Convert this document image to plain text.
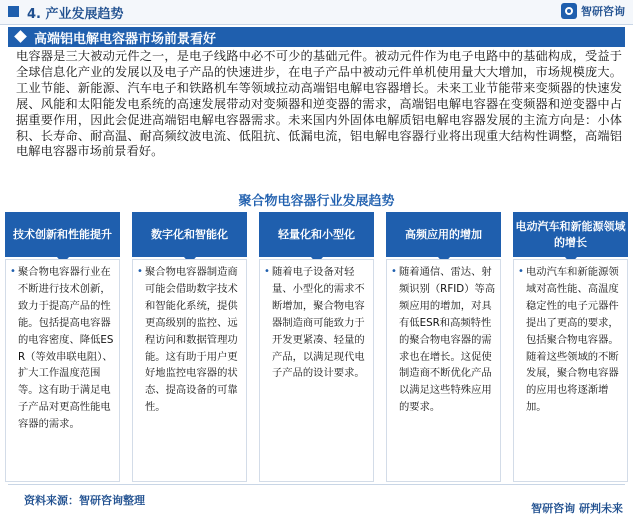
4. 产业发展趋势	智研咨询
高端铝电解电容器市场前景看好
电容器是三大被动元件之一，是电子线路中必不可少的基础元件。被动元件作为电子电路中的基础构成，受益于全球信息化产业的发展以及电子产品的快速进步，在电子产品中被动元件单机使用量大大增加，市场规模庞大。工业节能、新能源、汽车电子和铁路机车等领域拉动高端铝电解电容器增长。未来工业节能带来变频器的快速发展、风能和太阳能发电系统的高速发展带动对变频器和逆变器的需求，高端铝电解电容器在变频器和逆变器中占据重要作用，因此会促进高端铝电解电容器需求。未来国内外固体电解质铝电解电容器发展的主流方向是：小体积、长寿命、耐高温、耐高频纹波电流、低阻抗、低漏电流，铝电解电容器行业将出现重大结构性调整，高端铝电解电容器市场前景看好。
聚合物电容器行业发展趋势
技术创新和性能提升
• 聚合物电容器行业在不断进行技术创新，致力于提高产品的性能。包括提高电容器的电容密度、降低ESR（等效串联电阻）、扩大工作温度范围等。这有助于满足电子产品对更高性能电容器的需求。
数字化和智能化
• 聚合物电容器制造商可能会借助数字技术和智能化系统，提供更高级别的监控、远程访问和数据管理功能。这有助于用户更好地监控电容器的状态、提高设备的可靠性。
轻量化和小型化
• 随着电子设备对轻量、小型化的需求不断增加，聚合物电容器制造商可能致力于开发更紧凑、轻量的产品，以满足现代电子产品的设计要求。
高频应用的增加
• 随着通信、雷达、射频识别（RFID）等高频应用的增加，对具有低ESR和高频特性的聚合物电容器的需求也在增长。这促使制造商不断优化产品以满足这些特殊应用的要求。
电动汽车和新能源领域的增长
• 电动汽车和新能源领域对高性能、高温度稳定性的电子元器件提出了更高的要求，包括聚合物电容器。随着这些领域的不断发展，聚合物电容器的应用也将逐渐增加。
资料来源：智研咨询整理
智研咨询 研判未来
